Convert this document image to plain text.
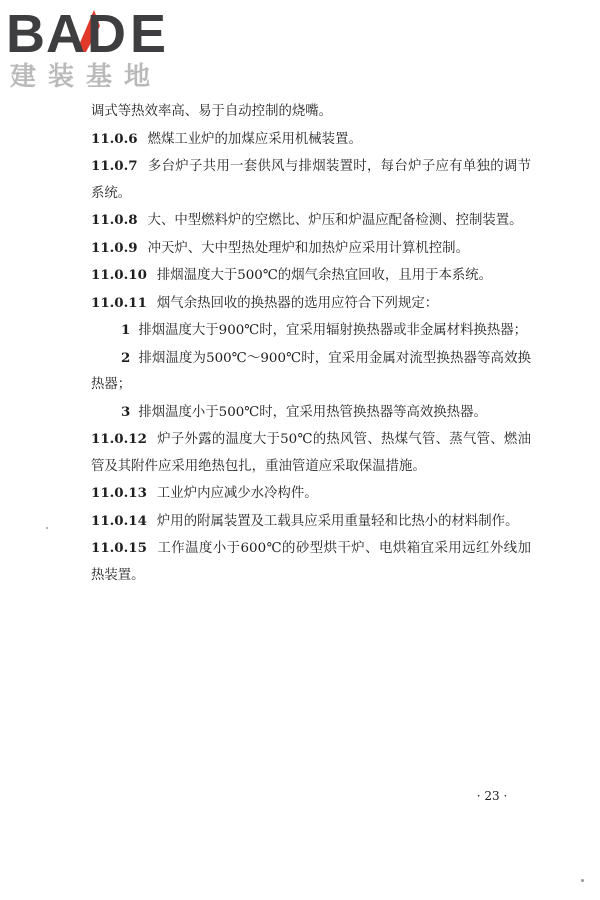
B A D E
建装基地

调式等热效率高、易于自动控制的烧嘴。

11.0.6 燃煤工业炉的加煤应采用机械装置。

11.0.7 多台炉子共用一套供风与排烟装置时，每台炉子应有单独的调节系统。

11.0.8 大、中型燃料炉的空燃比、炉压和炉温应配备检测、控制装置。

11.0.9 冲天炉、大中型热处理炉和加热炉应采用计算机控制。

11.0.10 排烟温度大于500℃的烟气余热宜回收，且用于本系统。

11.0.11 烟气余热回收的换热器的选用应符合下列规定：

1 排烟温度大于900℃时，宜采用辐射换热器或非金属材料换热器；

2 排烟温度为500℃～900℃时，宜采用金属对流型换热器等高效换热器；

3 排烟温度小于500℃时，宜采用热管换热器等高效换热器。

11.0.12 炉子外露的温度大于50℃的热风管、热煤气管、蒸气管、燃油管及其附件应采用绝热包扎，重油管道应采取保温措施。

11.0.13 工业炉内应减少水冷构件。

11.0.14 炉用的附属装置及工载具应采用重量轻和比热小的材料制作。

11.0.15 工作温度小于600℃的砂型烘干炉、电烘箱宜采用远红外线加热装置。

· 23 ·
